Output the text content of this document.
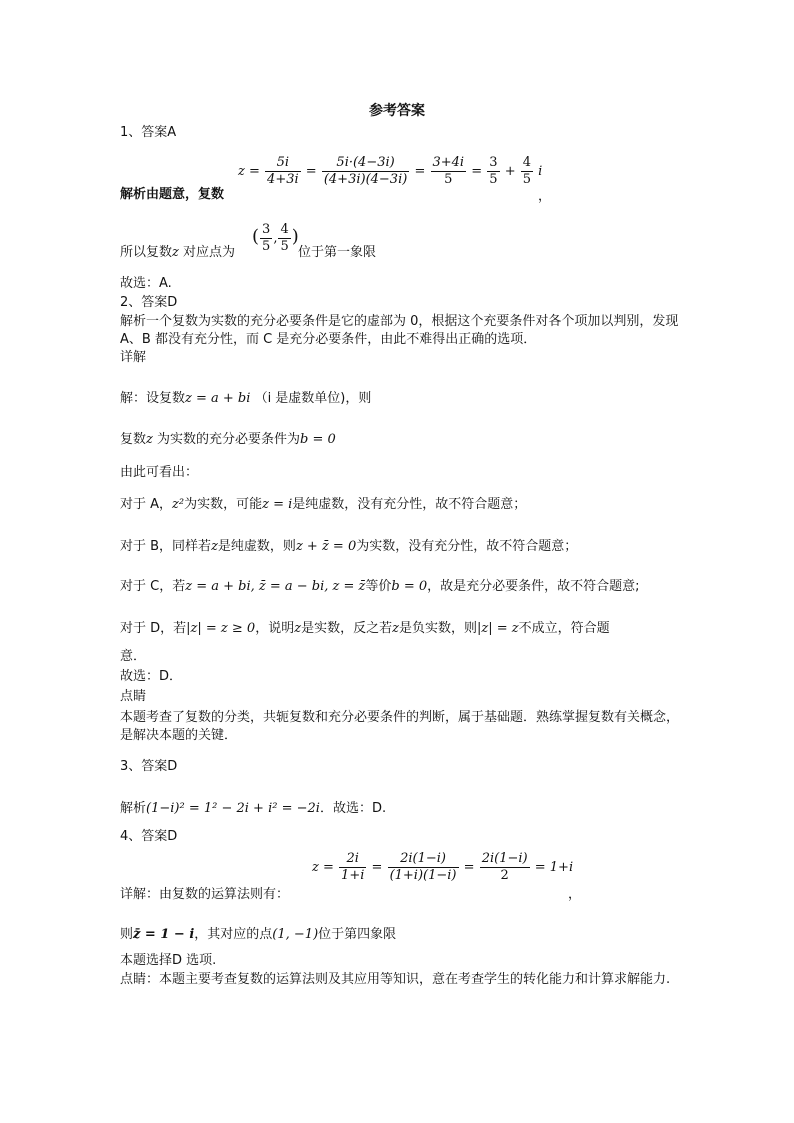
参考答案
1、答案A
解析由题意，复数
$z = \frac{5i}{4+3i} = \frac{5i\cdot(4-3i)}{(4+3i)(4-3i)} = \frac{3+4i}{5} = \frac{3}{5} + \frac{4}{5}$ i
，
所以复数z 对应点为
( $\frac{3}{5}$ , $\frac{4}{5}$ )
位于第一象限
故选：A.
2、答案D
解析一个复数为实数的充分必要条件是它的虚部为 0，根据这个充要条件对各个项加以判别，发现 A、B 都没有充分性，而 C 是充分必要条件，由此不难得出正确的选项．
详解
解：设复数z = a + bi （i 是虚数单位)，则
复数z 为实数的充分必要条件为b = 0
由此可看出：
对于 A，z²为实数，可能z = i是纯虚数，没有充分性，故不符合题意；
对于 B，同样若z是纯虚数，则z + z̄ = 0为实数，没有充分性，故不符合题意；
对于 C，若z = a + bi, z̄ = a − bi, z = z̄等价b = 0，故是充分必要条件，故不符合题意;
对于 D，若|z| = z ≥ 0，说明z是实数，反之若z是负实数，则|z| = z不成立，符合题
意．
故选：D．
点睛
本题考查了复数的分类，共轭复数和充分必要条件的判断，属于基础题．熟练掌握复数有关概念，是解决本题的关键．
3、答案D
解析(1−i)² = 1² − 2i + i² = −2i．故选：D.
4、答案D
详解：由复数的运算法则有：
$z = \frac{2i}{1+i} = \frac{2i(1-i)}{(1+i)(1-i)} = \frac{2i(1-i)}{2} = 1+i$
，
则z̄ = 1 − i，其对应的点(1, −1)位于第四象限
本题选择D 选项.
点睛：本题主要考查复数的运算法则及其应用等知识，意在考查学生的转化能力和计算求解能力.
